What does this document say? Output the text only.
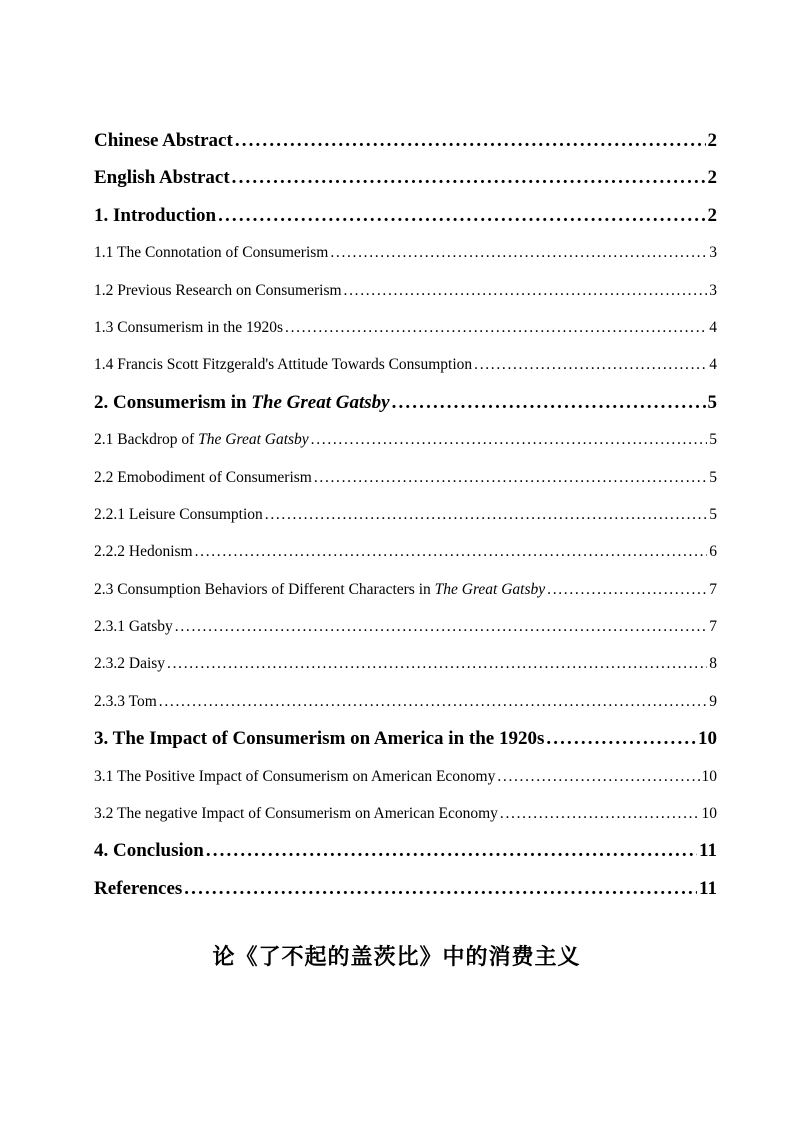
Chinese Abstract . . .	2
English Abstract . . .	2
1. Introduction . . .	2
1.1 The Connotation of Consumerism . . .	3
1.2 Previous Research on Consumerism . . .	3
1.3 Consumerism in the 1920s . . .	4
1.4 Francis Scott Fitzgerald's Attitude Towards Consumption . . .	4
2. Consumerism in The Great Gatsby . . .	5
2.1 Backdrop of The Great Gatsby . . .	5
2.2 Emobodiment of Consumerism . . .	5
2.2.1 Leisure Consumption . . .	5
2.2.2 Hedonism . . .	6
2.3 Consumption Behaviors of Different Characters in The Great Gatsby . . .	7
2.3.1 Gatsby . . .	7
2.3.2 Daisy . . .	8
2.3.3 Tom . . .	9
3. The Impact of Consumerism on America in the 1920s . . .	10
3.1 The Positive Impact of Consumerism on American Economy . . .	10
3.2 The negative Impact of Consumerism on American Economy . . .	10
4. Conclusion . . .	11
References . . .	11
论《了不起的盖茨比》中的消费主义
